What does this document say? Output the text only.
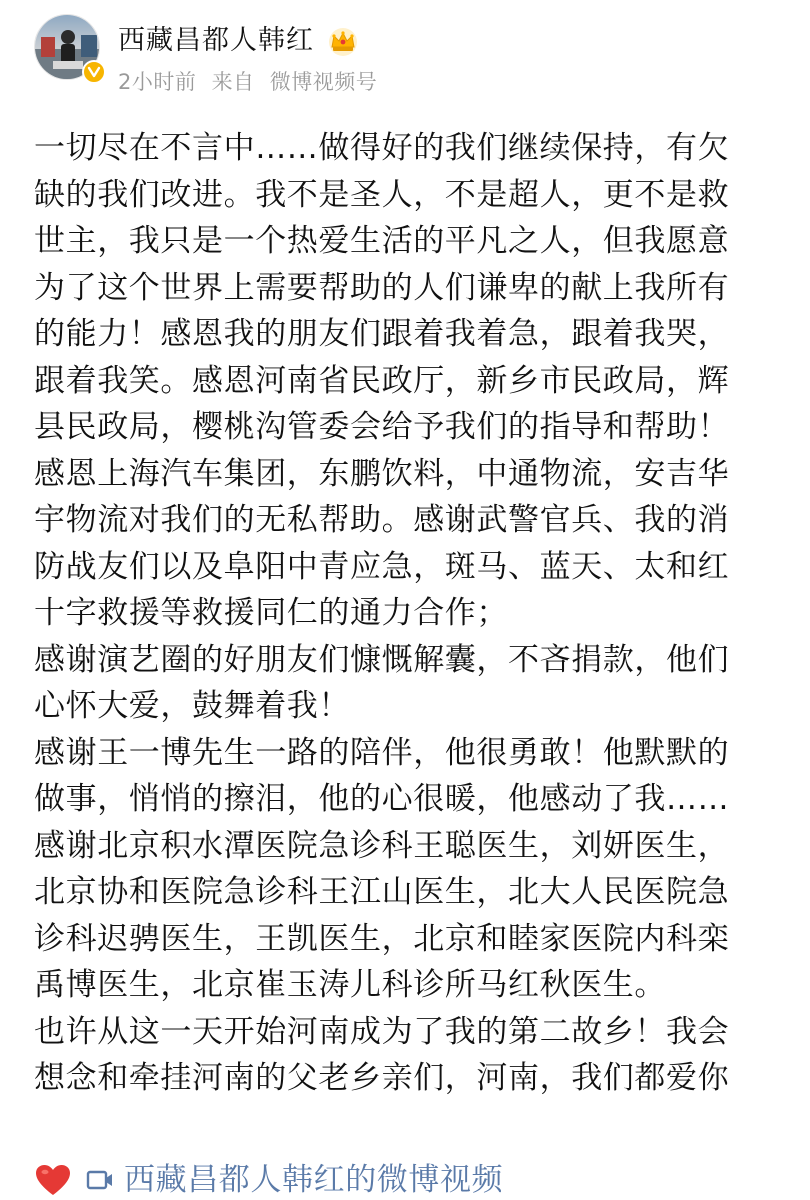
西藏昌都人韩红
2小时前 来自 微博视频号
一切尽在不言中……做得好的我们继续保持，有欠
缺的我们改进。我不是圣人，不是超人，更不是救
世主，我只是一个热爱生活的平凡之人，但我愿意
为了这个世界上需要帮助的人们谦卑的献上我所有
的能力！感恩我的朋友们跟着我着急，跟着我哭，
跟着我笑。感恩河南省民政厅，新乡市民政局，辉
县民政局，樱桃沟管委会给予我们的指导和帮助！
感恩上海汽车集团，东鹏饮料，中通物流，安吉华
宇物流对我们的无私帮助。感谢武警官兵、我的消
防战友们以及阜阳中青应急，斑马、蓝天、太和红
十字救援等救援同仁的通力合作；
感谢演艺圈的好朋友们慷慨解囊，不吝捐款，他们
心怀大爱，鼓舞着我！
感谢王一博先生一路的陪伴，他很勇敢！他默默的
做事，悄悄的擦泪，他的心很暖，他感动了我……
感谢北京积水潭医院急诊科王聪医生，刘妍医生，
北京协和医院急诊科王江山医生，北大人民医院急
诊科迟骋医生，王凯医生，北京和睦家医院内科栾
禹博医生，北京崔玉涛儿科诊所马红秋医生。
也许从这一天开始河南成为了我的第二故乡！我会
想念和牵挂河南的父老乡亲们，河南，我们都爱你
西藏昌都人韩红的微博视频
